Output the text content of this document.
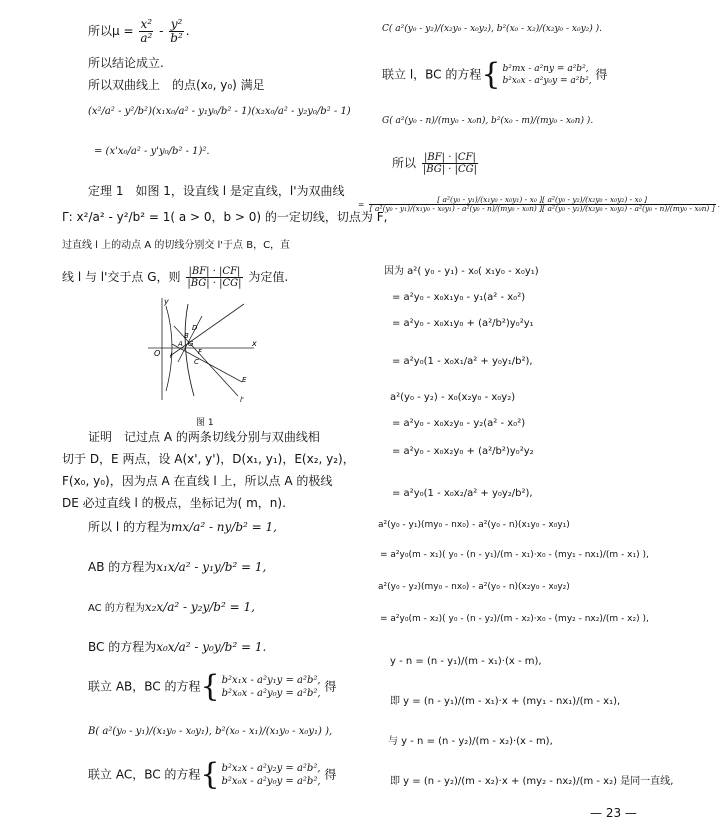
所以$\mu = \frac{\text{x²}}{\text{a²}} - \frac{\text{y²}}{\text{b²}}$ .
所以结论成立.
所以双曲线上　的点(x₀, y₀) 满足
(x²/a² - y²/b²)(x₁x₀/a² - y₁y₀/b² - 1)(x₂x₀/a² - y₂y₀/b² - 1)
= (x'x₀/a² - y'y₀/b² - 1)².
定理 1　如图 1，设直线 l 是定直线，l'为双曲线
Γ: x²/a² - y²/b² = 1( a > 0，b > 0) 的一定切线，切点为 F,
过直线 l 上的动点 A 的切线分别交 l'于点 B，C，直
线 l 与 l'交于点 G，则 $\frac{|BF| \cdot |CF|}{|BG| \cdot |CG|}$ 为定值.
y
x
O l
l'
D
B
A G
F
C
E
图 1
证明　记过点 A 的两条切线分别与双曲线相
切于 D，E 两点，设 A(x', y')，D(x₁, y₁)，E(x₂, y₂)，
F(x₀, y₀)，因为点 A 在直线 l 上，所以点 A 的极线
DE 必过直线 l 的极点，坐标记为( m，n).
所以 l 的方程为mx/a² - ny/b² = 1,
AB 的方程为x₁x/a² - y₁y/b² = 1,
AC 的方程为x₂x/a² - y₂y/b² = 1,
BC 的方程为x₀x/a² - y₀y/b² = 1.
联立 AB，BC 的方程{ b²x₁x - a²y₁y = a²b²,
b²x₀x - a²y₀y = a²b², 得
B( a²(y₀ - y₁)/(x₁y₀ - x₀y₁), b²(x₀ - x₁)/(x₁y₀ - x₀y₁) ),
联立 AC，BC 的方程{ b²x₂x - a²y₂y = a²b²,
b²x₀x - a²y₀y = a²b², 得
C( a²(y₀ - y₂)/(x₂y₀ - x₀y₂), b²(x₀ - x₂)/(x₂y₀ - x₀y₂) ).
联立 l，BC 的方程{ b²mx - a²ny = a²b²,
b²x₀x - a²y₀y = a²b², 得
G( a²(y₀ - n)/(my₀ - x₀n), b²(x₀ - m)/(my₀ - x₀n) ).
所以 $\frac{|BF| \cdot |CF|}{|BG| \cdot |CG|}$
=
[ a²(y₀ - y₁)/(x₁y₀ - x₀y₁) - x₀ ][ a²(y₀ - y₂)/(x₂y₀ - x₀y₂) - x₀ ]
[ a²(y₀ - y₁)/(x₁y₀ - x₀y₁) - a²(y₀ - n)/(my₀ - x₀n) ][ a²(y₀ - y₂)/(x₂y₀ - x₀y₂) - a²(y₀ - n)/(my₀ - x₀n) ] .
因为 a²( y₀ - y₁) - x₀( x₁y₀ - x₀y₁)
= a²y₀ - x₀x₁y₀ - y₁(a² - x₀²)
= a²y₀ - x₀x₁y₀ + (a²/b²)y₀²y₁
= a²y₀(1 - x₀x₁/a² + y₀y₁/b²),
a²(y₀ - y₂) - x₀(x₂y₀ - x₀y₂)
= a²y₀ - x₀x₂y₀ - y₂(a² - x₀²)
= a²y₀ - x₀x₂y₀ + (a²/b²)y₀²y₂
= a²y₀(1 - x₀x₂/a² + y₀y₂/b²),
a²(y₀ - y₁)(my₀ - nx₀) - a²(y₀ - n)(x₁y₀ - x₀y₁)
= a²y₀(m - x₁)( y₀ - (n - y₁)/(m - x₁)·x₀ - (my₁ - nx₁)/(m - x₁) ),
a²(y₀ - y₂)(my₀ - nx₀) - a²(y₀ - n)(x₂y₀ - x₀y₂)
= a²y₀(m - x₂)( y₀ - (n - y₂)/(m - x₂)·x₀ - (my₂ - nx₂)/(m - x₂) ),
y - n = (n - y₁)/(m - x₁)·(x - m),
即 y = (n - y₁)/(m - x₁)·x + (my₁ - nx₁)/(m - x₁),
与 y - n = (n - y₂)/(m - x₂)·(x - m),
即 y = (n - y₂)/(m - x₂)·x + (my₂ - nx₂)/(m - x₂) 是同一直线,
— 23 —
